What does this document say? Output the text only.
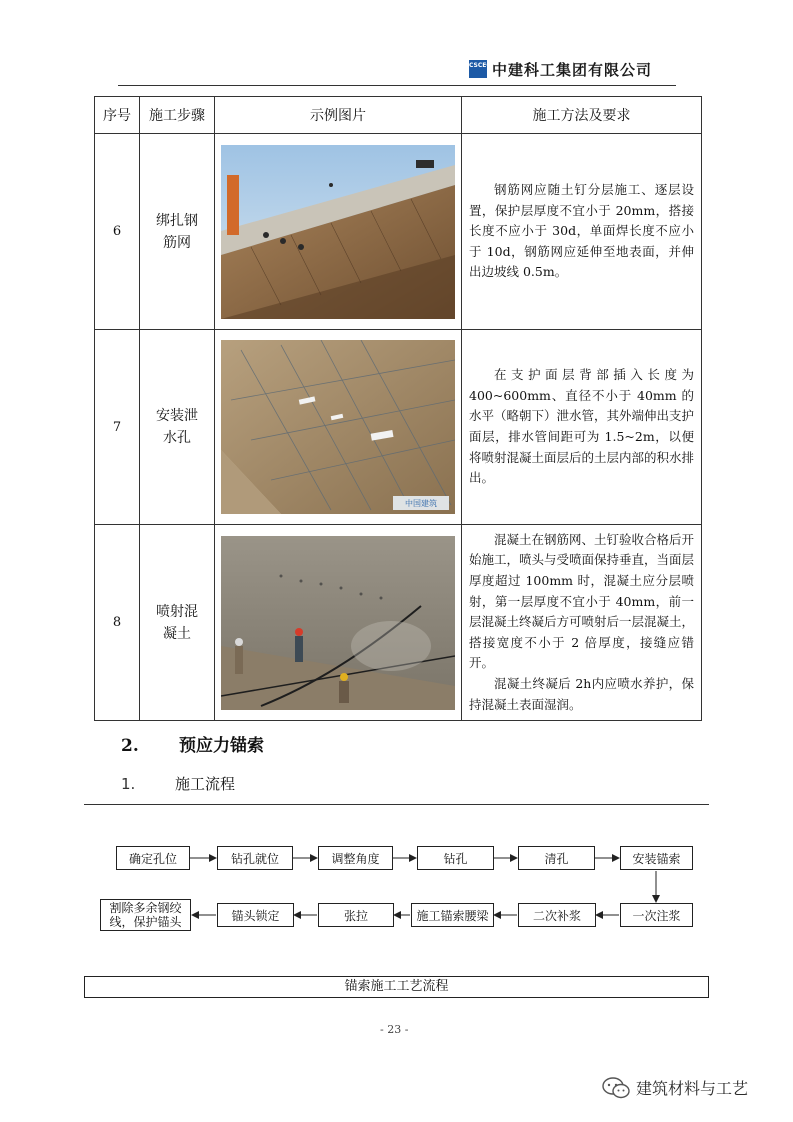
CSCEC 中建科工集团有限公司
序号	施工步骤	示例图片	施工方法及要求
6	绑扎钢筋网		钢筋网应随土钉分层施工、逐层设置，保护层厚度不宜小于 20mm，搭接长度不应小于 30d，单面焊长度不应小于 10d，钢筋网应延伸至地表面，并伸出边坡线 0.5m。

7	安装泄水孔	中国建筑	在支护面层背部插入长度为 400~600mm、直径不小于 40mm 的水平（略朝下）泄水管，其外端伸出支护面层，排水管间距可为 1.5~2m，以便将喷射混凝土面层后的土层内部的积水排出。

8	喷射混凝土		混凝土在钢筋网、土钉验收合格后开始施工，喷头与受喷面保持垂直，当面层厚度超过 100mm 时，混凝土应分层喷射，第一层厚度不宜小于 40mm，前一层混凝土终凝后方可喷射后一层混凝土，搭接宽度不小于 2 倍厚度，接缝应错开。

混凝土终凝后 2h内应喷水养护，保持混凝土表面湿润。

2. 预应力锚索
1.	施工流程
确定孔位	钻孔就位	调整角度	钻孔	清孔	安装锚索
一次注浆
二次补浆
施工锚索腰梁
张拉
锚头锁定
割除多余钢绞线，保护锚头
锚索施工工艺流程
- 23 -
建筑材料与工艺
